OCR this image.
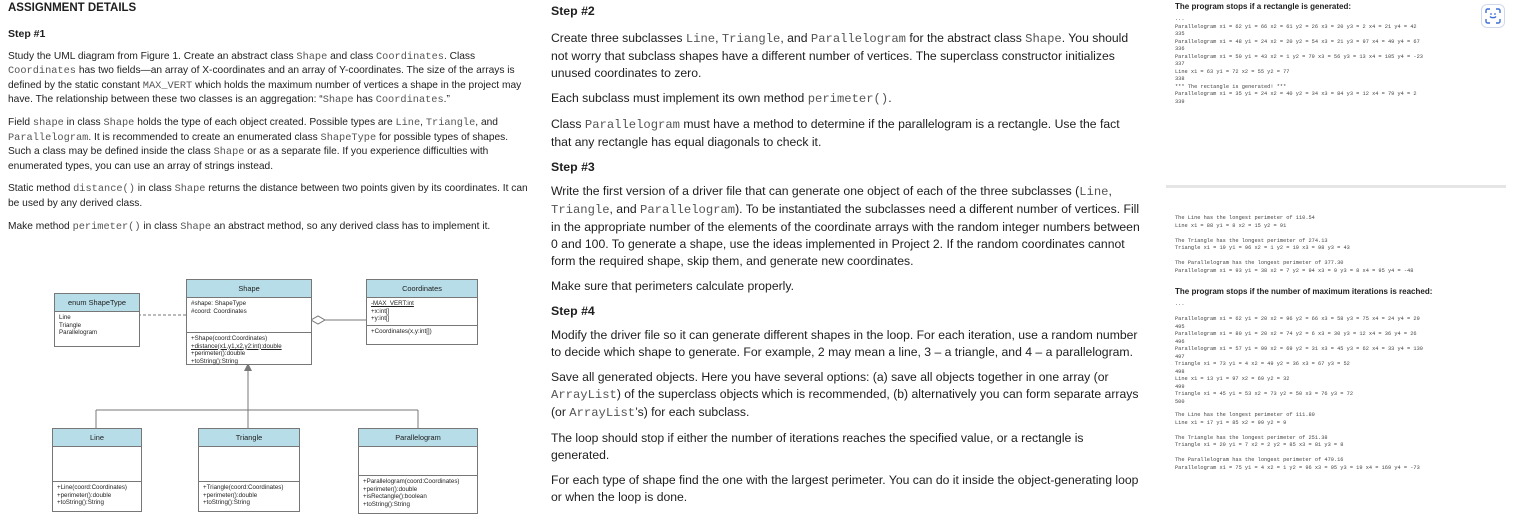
ASSIGNMENT DETAILS
Step #1

Study the UML diagram from Figure 1. Create an abstract class Shape and class Coordinates. Class Coordinates has two fields—an array of X-coordinates and an array of Y-coordinates. The size of the arrays is defined by the static constant MAX_VERT which holds the maximum number of vertices a shape in the project may have. The relationship between these two classes is an aggregation: “Shape has Coordinates.”

Field shape in class Shape holds the type of each object created. Possible types are Line, Triangle, and Parallelogram. It is recommended to create an enumerated class ShapeType for possible types of shapes. Such a class may be defined inside the class Shape or as a separate file. If you experience difficulties with enumerated types, you can use an array of strings instead.

Static method distance() in class Shape returns the distance between two points given by its coordinates. It can be used by any derived class.

Make method perimeter() in class Shape an abstract method, so any derived class has to implement it.

enum ShapeType
Line
Triangle
Parallelogram
Shape
#shape: ShapeType
#coord: Coordinates
+Shape(coord:Coordinates)
+distance(x1,y1,x2,y2:int):double
+perimeter():double
+toString():String
Coordinates
-MAX_VERT:int
+x:int[]
+y:int[]
+Coordinates(x,y:int[])
Line
+Line(coord:Coordinates)
+perimeter():double
+toString():String
Triangle
+Triangle(coord:Coordinates)
+perimeter():double
+toString():String
Parallelogram
+Parallelogram(coord:Coordinates)
+perimeter():double
+isRectangle():boolean
+toString():String
Step #2

Create three subclasses Line, Triangle, and Parallelogram for the abstract class Shape. You should not worry that subclass shapes have a different number of vertices. The superclass constructor initializes unused coordinates to zero.

Each subclass must implement its own method perimeter().

Class Parallelogram must have a method to determine if the parallelogram is a rectangle. Use the fact that any rectangle has equal diagonals to check it.

Step #3

Write the first version of a driver file that can generate one object of each of the three subclasses (Line, Triangle, and Parallelogram). To be instantiated the subclasses need a different number of vertices. Fill in the appropriate number of the elements of the coordinate arrays with the random integer numbers between 0 and 100. To generate a shape, use the ideas implemented in Project 2. If the random coordinates cannot form the required shape, skip them, and generate new coordinates.

Make sure that perimeters calculate properly.

Step #4

Modify the driver file so it can generate different shapes in the loop. For each iteration, use a random number to decide which shape to generate. For example, 2 may mean a line, 3 – a triangle, and 4 – a parallelogram.

Save all generated objects. Here you have several options: (a) save all objects together in one array (or ArrayList) of the superclass objects which is recommended, (b) alternatively you can form separate arrays (or ArrayList’s) for each subclass.

The loop should stop if either the number of iterations reaches the specified value, or a rectangle is generated.

For each type of shape find the one with the largest perimeter. You can do it inside the object-generating loop or when the loop is done.

The program stops if a rectangle is generated:
...
Parallelogram x1 = 62 y1 = 66 x2 = 61 y2 = 26 x3 = 20 y3 = 2 x4 = 21 y4 = 42
335
Parallelogram x1 = 48 y1 = 24 x2 = 20 y2 = 54 x3 = 21 y3 = 97 x4 = 49 y4 = 67
336
Parallelogram x1 = 50 y1 = 43 x2 = 1 y2 = 79 x3 = 56 y3 = 13 x4 = 105 y4 = -23
337
Line x1 = 63 y1 = 72 x2 = 55 y2 = 77
338
*** The rectangle is generated! ***
Parallelogram x1 = 35 y1 = 24 x2 = 40 y2 = 34 x3 = 84 y3 = 12 x4 = 79 y4 = 2
339
The Line has the longest perimeter of 110.54
Line x1 = 88 y1 = 8 x2 = 15 y2 = 91

The Triangle has the longest perimeter of 274.13
Triangle x1 = 19 y1 = 96 x2 = 1 y2 = 19 x3 = 98 y3 = 43

The Parallelogram has the longest perimeter of 377.30
Parallelogram x1 = 93 y1 = 38 x2 = 7 y2 = 94 x3 = 9 y3 = 8 x4 = 95 y4 = -48
The program stops if the number of maximum iterations is reached:
...

Parallelogram x1 = 62 y1 = 20 x2 = 96 y2 = 66 x3 = 58 y3 = 75 x4 = 24 y4 = 29
495
Parallelogram x1 = 80 y1 = 20 x2 = 74 y2 = 6 x3 = 30 y3 = 12 x4 = 36 y4 = 26
496
Parallelogram x1 = 57 y1 = 99 x2 = 69 y2 = 31 x3 = 45 y3 = 62 x4 = 33 y4 = 130
497
Triangle x1 = 73 y1 = 4 x2 = 49 y2 = 36 x3 = 67 y3 = 52
498
Line x1 = 13 y1 = 97 x2 = 69 y2 = 32
499
Triangle x1 = 45 y1 = 53 x2 = 73 y2 = 50 x3 = 76 y3 = 72
500
The Line has the longest perimeter of 111.80
Line x1 = 17 y1 = 85 x2 = 99 y2 = 9

The Triangle has the longest perimeter of 251.38
Triangle x1 = 20 y1 = 7 x2 = 2 y2 = 85 x3 = 81 y3 = 8

The Parallelogram has the longest perimeter of 479.16
Parallelogram x1 = 75 y1 = 4 x2 = 1 y2 = 96 x3 = 95 y3 = 19 x4 = 169 y4 = -73
